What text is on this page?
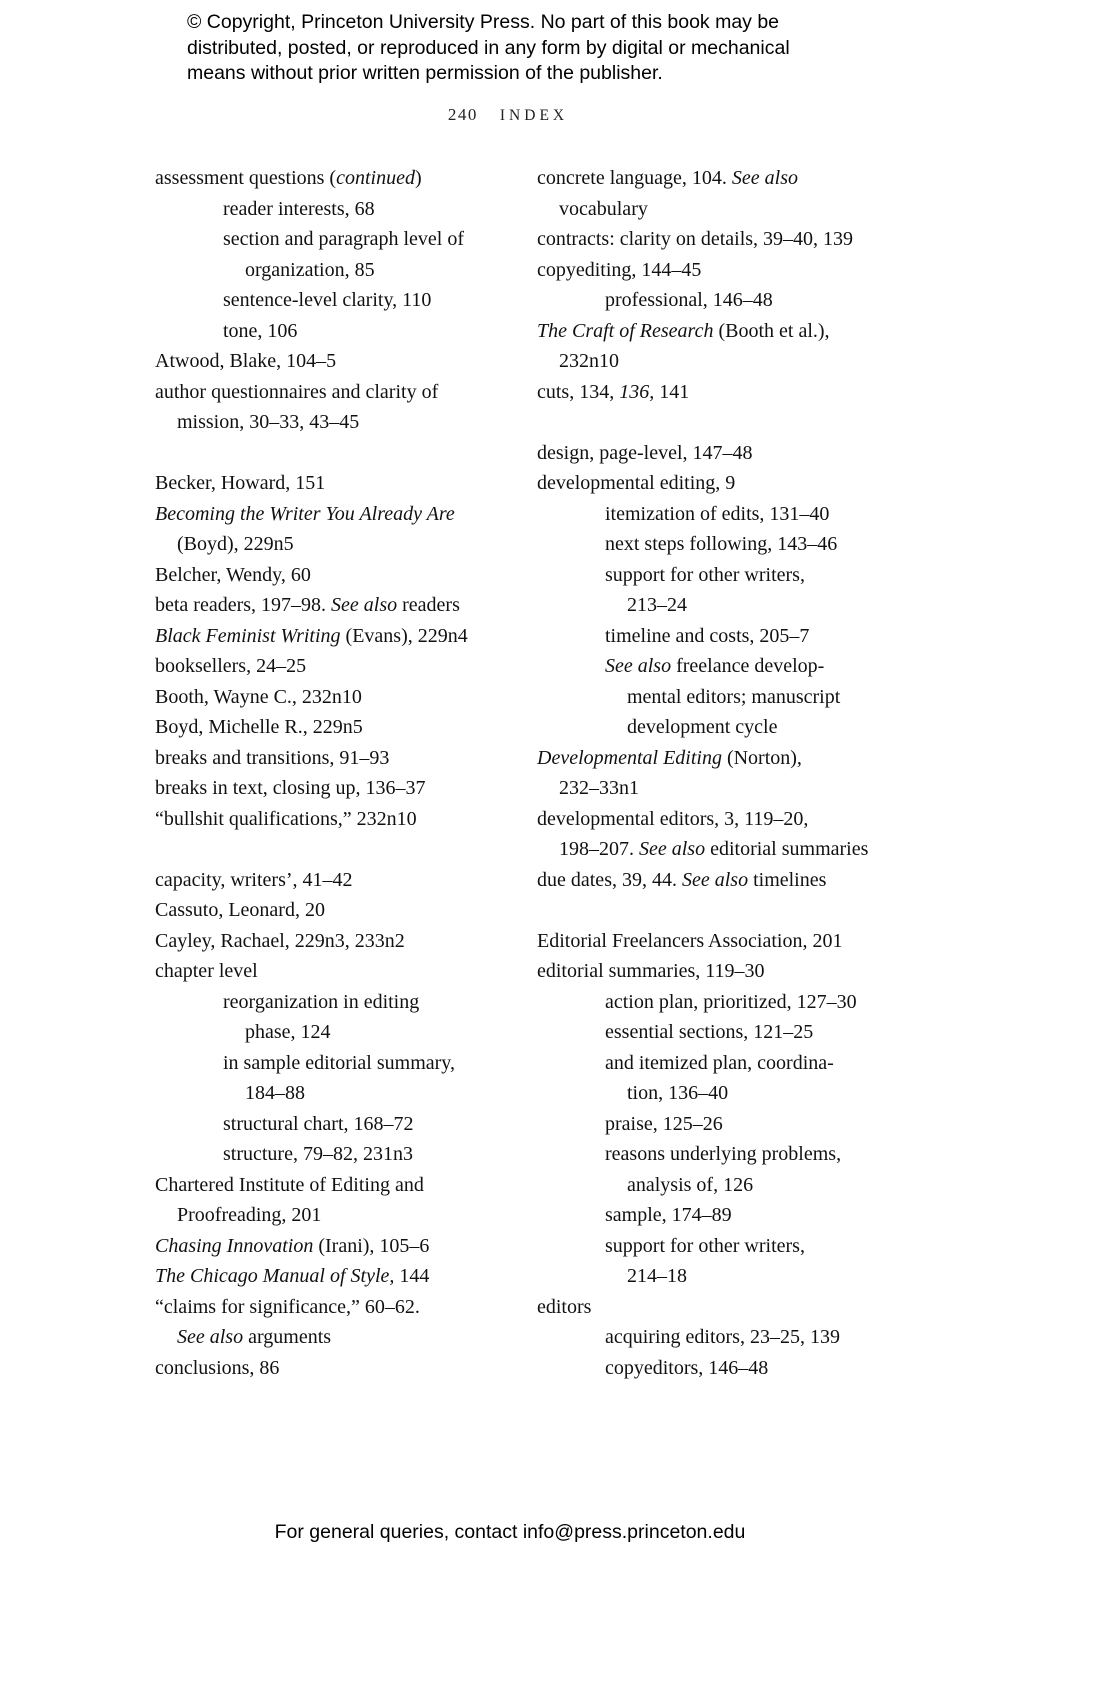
© Copyright, Princeton University Press. No part of this book may be
distributed, posted, or reproduced in any form by digital or mechanical
means without prior written permission of the publisher.
240 INDEX
assessment questions (continued)
reader interests, 68
section and paragraph level of
organization, 85
sentence-level clarity, 110
tone, 106
Atwood, Blake, 104–5
author questionnaires and clarity of
mission, 30–33, 43–45
Becker, Howard, 151
Becoming the Writer You Already Are
(Boyd), 229n5
Belcher, Wendy, 60
beta readers, 197–98. See also readers
Black Feminist Writing (Evans), 229n4
booksellers, 24–25
Booth, Wayne C., 232n10
Boyd, Michelle R., 229n5
breaks and transitions, 91–93
breaks in text, closing up, 136–37
“bullshit qualifications,” 232n10
capacity, writers’, 41–42
Cassuto, Leonard, 20
Cayley, Rachael, 229n3, 233n2
chapter level
reorganization in editing
phase, 124
in sample editorial summary,
184–88
structural chart, 168–72
structure, 79–82, 231n3
Chartered Institute of Editing and
Proofreading, 201
Chasing Innovation (Irani), 105–6
The Chicago Manual of Style, 144
“claims for significance,” 60–62.
See also arguments
conclusions, 86
concrete language, 104. See also
vocabulary
contracts: clarity on details, 39–40, 139
copyediting, 144–45
professional, 146–48
The Craft of Research (Booth et al.),
232n10
cuts, 134, 136, 141
design, page-level, 147–48
developmental editing, 9
itemization of edits, 131–40
next steps following, 143–46
support for other writers,
213–24
timeline and costs, 205–7
See also freelance develop-
mental editors; manuscript
development cycle
Developmental Editing (Norton),
232–33n1
developmental editors, 3, 119–20,
198–207. See also editorial summaries
due dates, 39, 44. See also timelines
Editorial Freelancers Association, 201
editorial summaries, 119–30
action plan, prioritized, 127–30
essential sections, 121–25
and itemized plan, coordina-
tion, 136–40
praise, 125–26
reasons underlying problems,
analysis of, 126
sample, 174–89
support for other writers,
214–18
editors
acquiring editors, 23–25, 139
copyeditors, 146–48
For general queries, contact info@press.princeton.edu
